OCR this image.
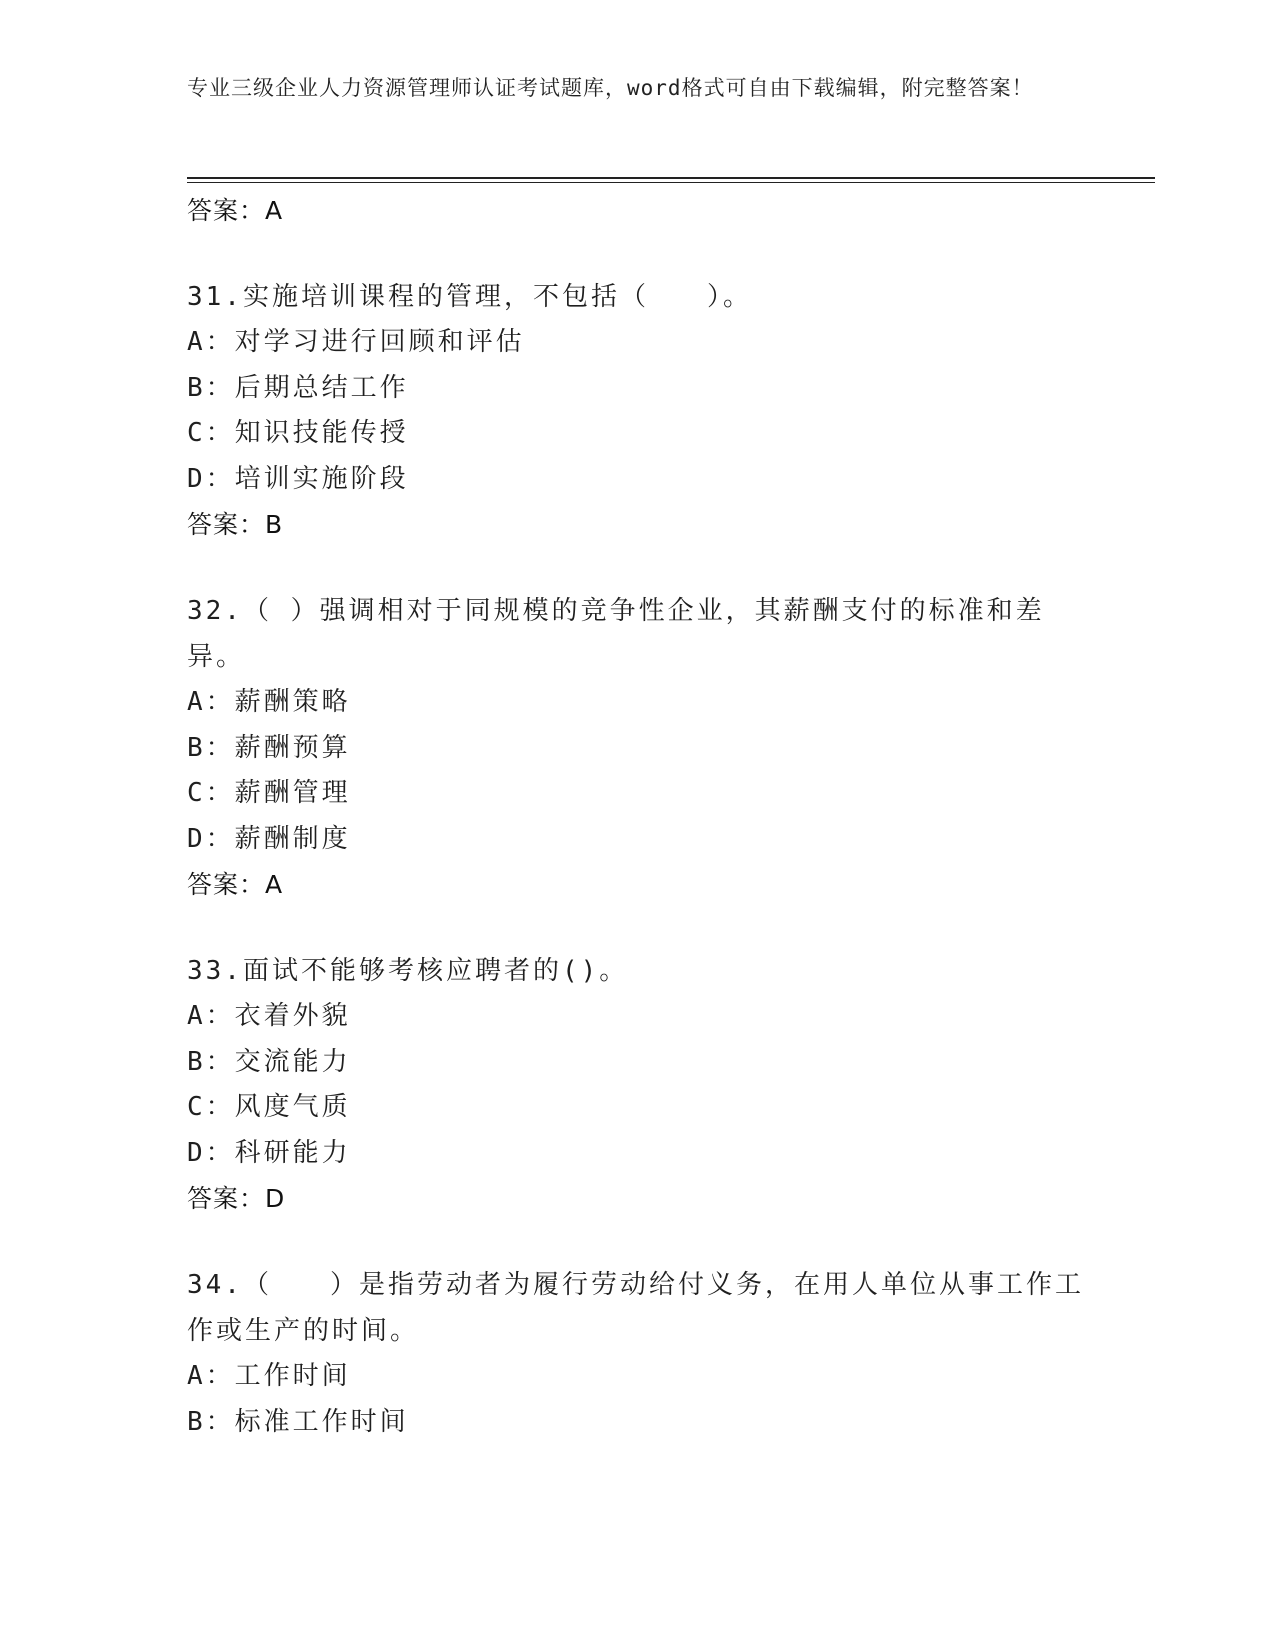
专业三级企业人力资源管理师认证考试题库，word格式可自由下载编辑，附完整答案！
答案：A
31.实施培训课程的管理，不包括（　　）。
A：对学习进行回顾和评估
B：后期总结工作
C：知识技能传授
D：培训实施阶段
答案：B
32.（ ）强调相对于同规模的竞争性企业，其薪酬支付的标准和差异。
A：薪酬策略
B：薪酬预算
C：薪酬管理
D：薪酬制度
答案：A
33.面试不能够考核应聘者的()。
A：衣着外貌
B：交流能力
C：风度气质
D：科研能力
答案：D
34.（　　）是指劳动者为履行劳动给付义务，在用人单位从事工作工作或生产的时间。
A：工作时间
B：标准工作时间
